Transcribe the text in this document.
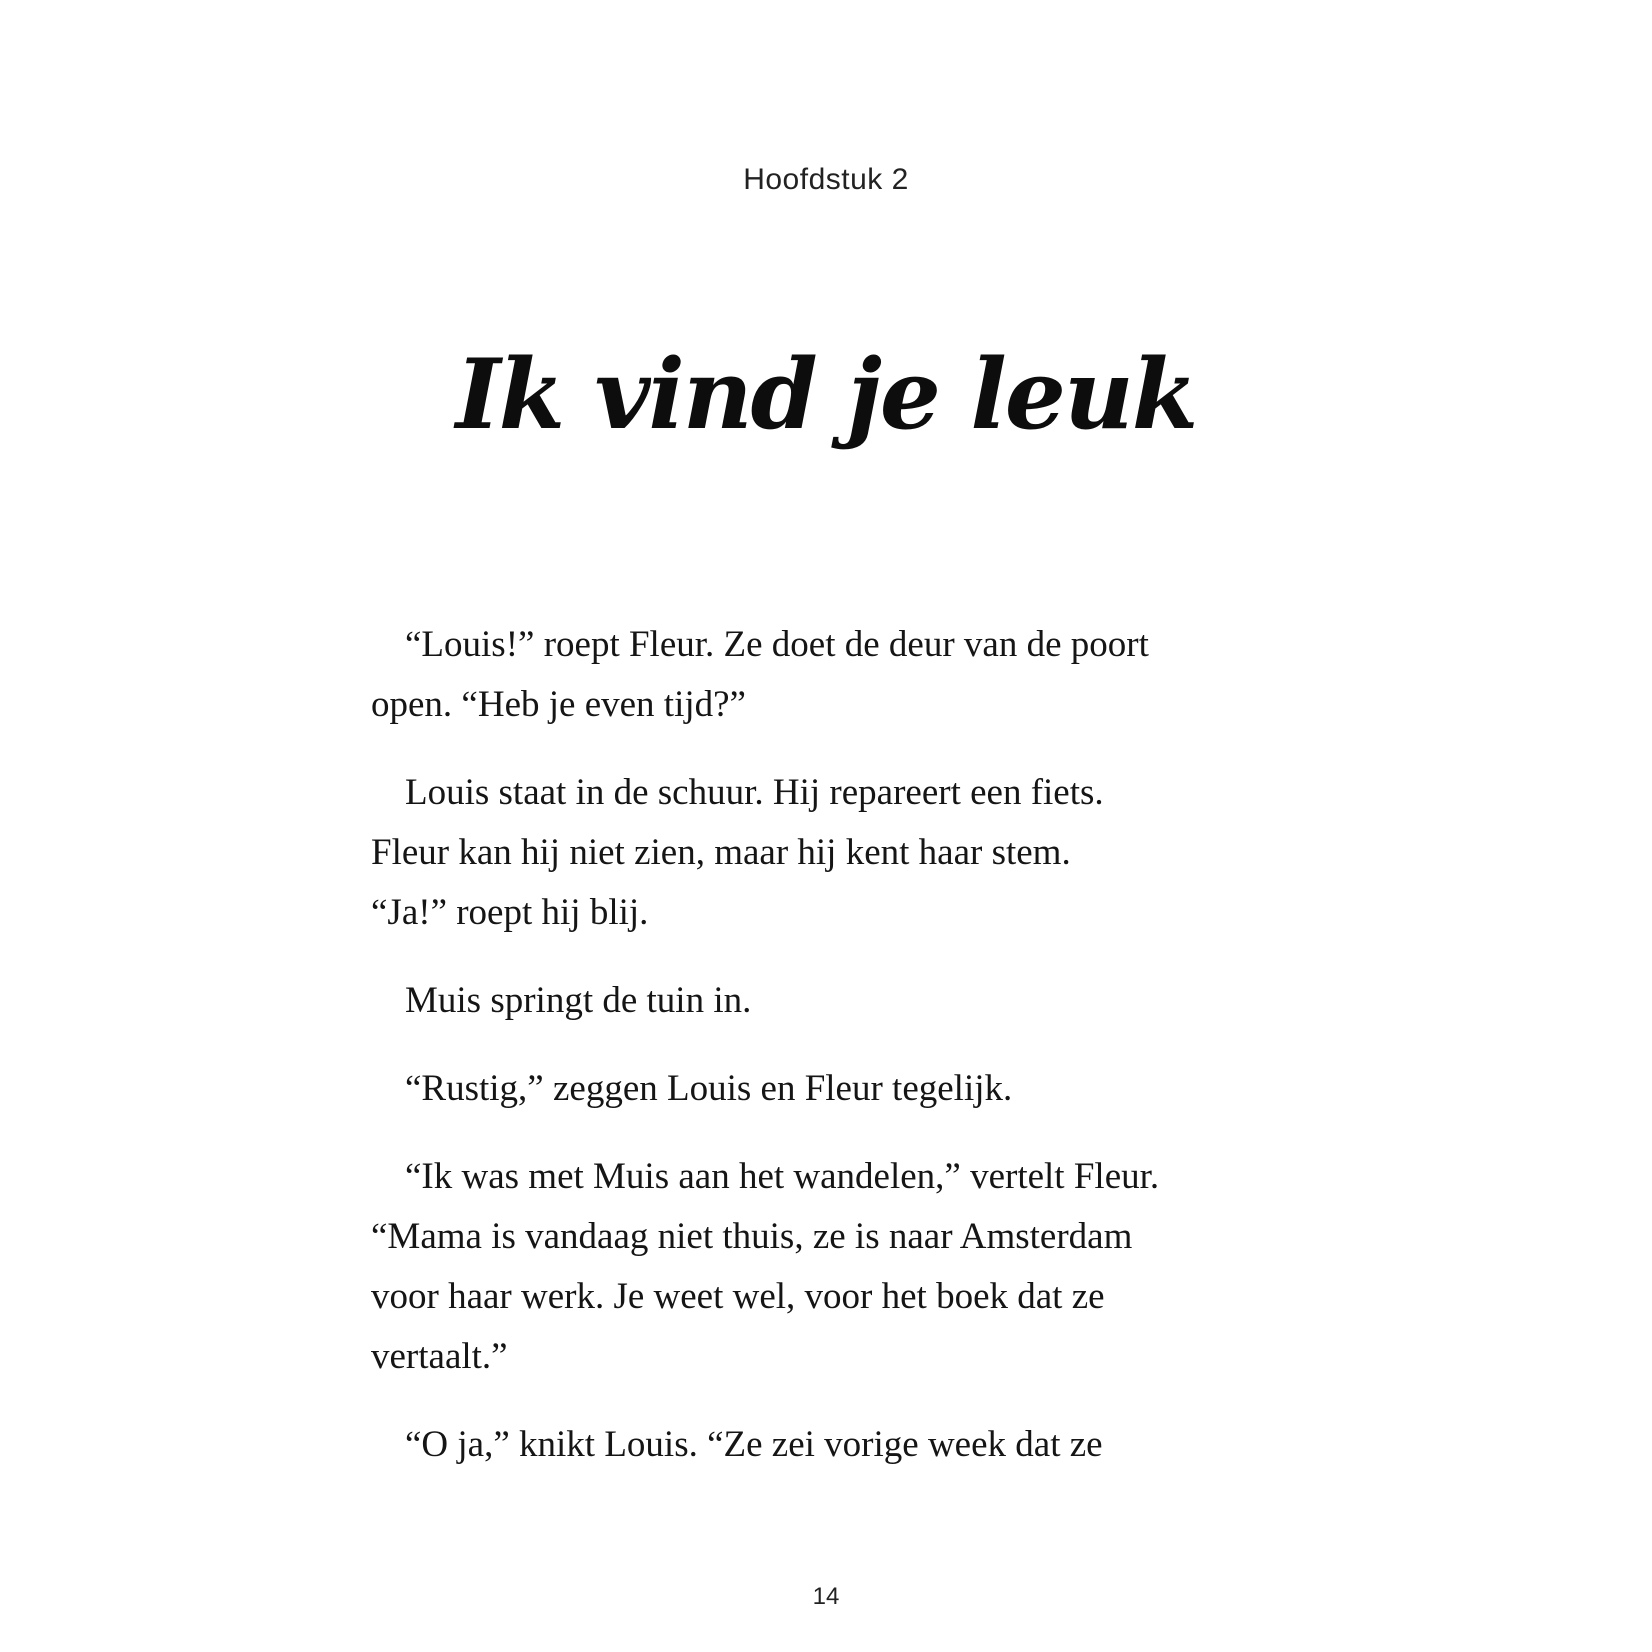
Hoofdstuk 2
Ik vind je leuk

“Louis!” roept Fleur. Ze doet de deur van de poort
open. “Heb je even tijd?”

Louis staat in de schuur. Hij repareert een fiets.
Fleur kan hij niet zien, maar hij kent haar stem.
“Ja!” roept hij blij.

Muis springt de tuin in.

“Rustig,” zeggen Louis en Fleur tegelijk.

“Ik was met Muis aan het wandelen,” vertelt Fleur.
“Mama is vandaag niet thuis, ze is naar Amsterdam
voor haar werk. Je weet wel, voor het boek dat ze
vertaalt.”

“O ja,” knikt Louis. “Ze zei vorige week dat ze

14
